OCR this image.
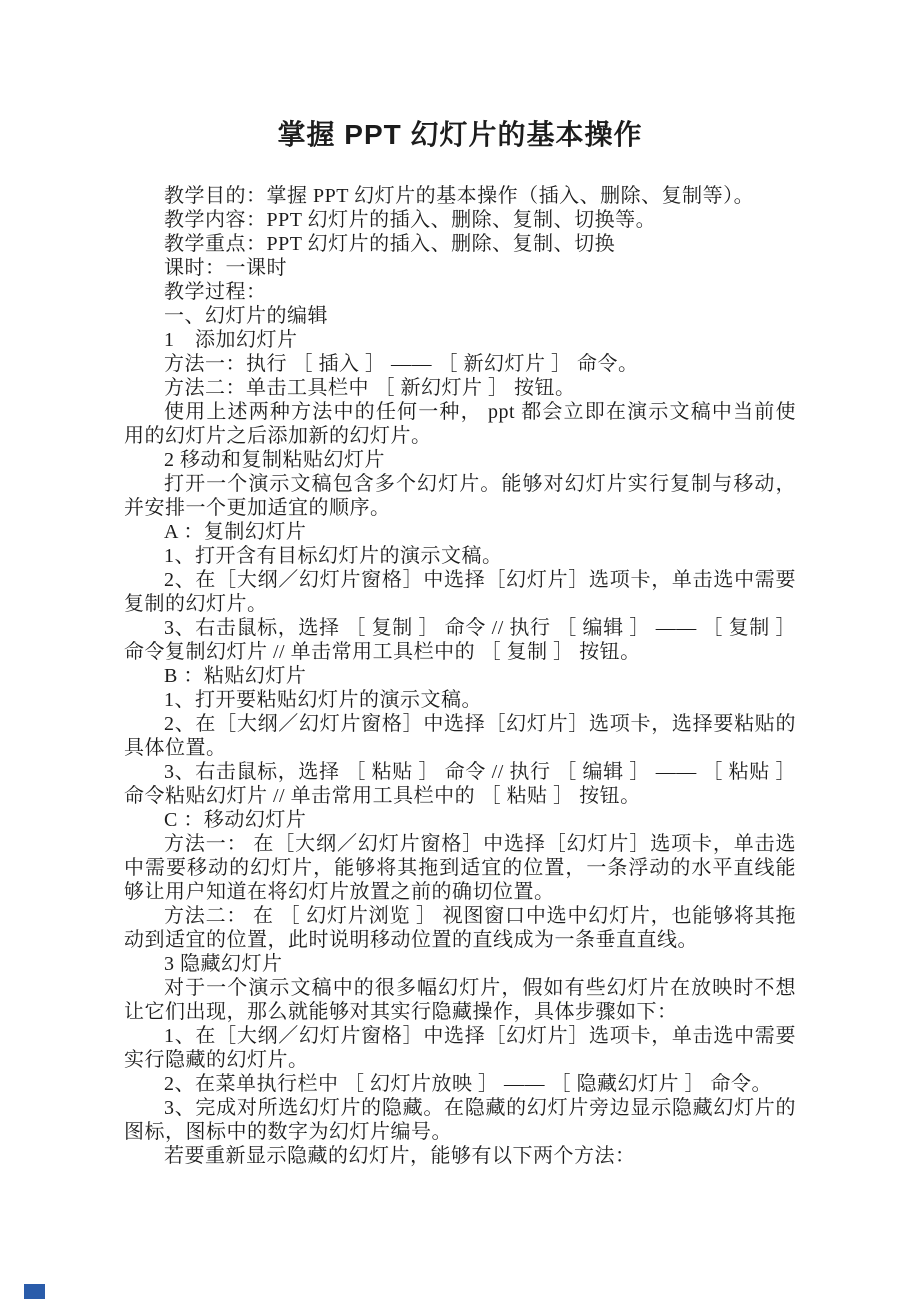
掌握 PPT 幻灯片的基本操作

教学目的：掌握 PPT 幻灯片的基本操作（插入、删除、复制等）。

教学内容：PPT 幻灯片的插入、删除、复制、切换等。

教学重点：PPT 幻灯片的插入、删除、复制、切换

课时：一课时

教学过程：

一、幻灯片的编辑

1　添加幻灯片

方法一：执行 ［ 插入 ］ —— ［ 新幻灯片 ］ 命令。

方法二：单击工具栏中 ［ 新幻灯片 ］ 按钮。

使用上述两种方法中的任何一种， ppt 都会立即在演示文稿中当前使用的幻灯片之后添加新的幻灯片。

2 移动和复制粘贴幻灯片

打开一个演示文稿包含多个幻灯片。能够对幻灯片实行复制与移动，并安排一个更加适宜的顺序。

A ：复制幻灯片

1、打开含有目标幻灯片的演示文稿。

2、在［大纲／幻灯片窗格］中选择［幻灯片］选项卡，单击选中需要复制的幻灯片。

3、右击鼠标，选择 ［ 复制 ］ 命令 // 执行 ［ 编辑 ］ —— ［ 复制 ］ 命令复制幻灯片 // 单击常用工具栏中的 ［ 复制 ］ 按钮。

B ：粘贴幻灯片

1、打开要粘贴幻灯片的演示文稿。

2、在［大纲／幻灯片窗格］中选择［幻灯片］选项卡，选择要粘贴的具体位置。

3、右击鼠标，选择 ［ 粘贴 ］ 命令 // 执行 ［ 编辑 ］ —— ［ 粘贴 ］ 命令粘贴幻灯片 // 单击常用工具栏中的 ［ 粘贴 ］ 按钮。

C ：移动幻灯片

方法一： 在［大纲／幻灯片窗格］中选择［幻灯片］选项卡，单击选中需要移动的幻灯片，能够将其拖到适宜的位置，一条浮动的水平直线能够让用户知道在将幻灯片放置之前的确切位置。

方法二： 在 ［ 幻灯片浏览 ］ 视图窗口中选中幻灯片，也能够将其拖动到适宜的位置，此时说明移动位置的直线成为一条垂直直线。

3 隐藏幻灯片

对于一个演示文稿中的很多幅幻灯片，假如有些幻灯片在放映时不想让它们出现，那么就能够对其实行隐藏操作，具体步骤如下：

1、在［大纲／幻灯片窗格］中选择［幻灯片］选项卡，单击选中需要实行隐藏的幻灯片。

2、在菜单执行栏中 ［ 幻灯片放映 ］ —— ［ 隐藏幻灯片 ］ 命令。

3、完成对所选幻灯片的隐藏。在隐藏的幻灯片旁边显示隐藏幻灯片的图标，图标中的数字为幻灯片编号。

若要重新显示隐藏的幻灯片，能够有以下两个方法：
